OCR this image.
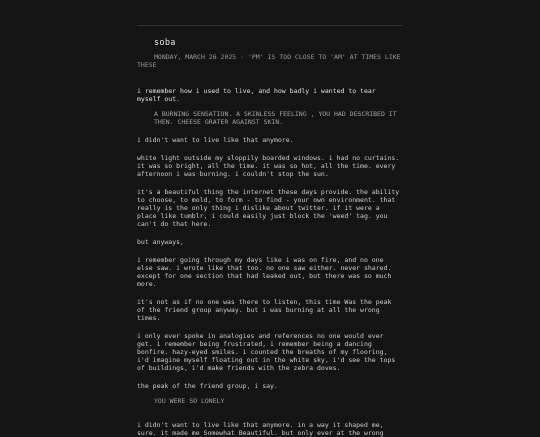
soba
MONDAY, MARCH 26 2025 · 'PM' IS TOO CLOSE TO 'AM' AT TIMES LIKE THESE

i remember how i used to live, and how badly i wanted to tear myself out.

A BURNING SENSATION. A SKINLESS FEELING , YOU HAD DESCRIBED IT THEN. CHEESE GRATER AGAINST SKIN.

i didn't want to live like that anymore.

white light outside my sloppily boarded windows. i had no curtains. it was so bright, all the time. it was so hot, all the time. every afternoon i was burning. i couldn't stop the sun.

it's a beautiful thing the internet these days provide. the ability to choose, to mold, to form - to find - your own environment. that really is the only thing i dislike about twitter. if it were a place like tumblr, i could easily just block the 'weed' tag. you can't do that here.

but anyways,

i remember going through my days like i was on fire, and no one else saw. i wrote like that too. no one saw either. never shared. except for one section that had leaked out, but there was so much more.

it's not as if no one was there to listen, this time Was the peak of the friend group anyway. but i was burning at all the wrong times.

i only ever spoke in analogies and references no one would ever get. i remember being frustrated, i remember being a dancing bonfire. hazy-eyed smiles. i counted the breaths of my flooring, i'd imagine myself floating out in the white sky, i'd see the tops of buildings, i'd make friends with the zebra doves.

the peak of the friend group, i say.

YOU WERE SO LONELY

i didn't want to live like that anymore. in a way it shaped me, sure. it made me Somewhat Beautiful. but only ever at the wrong
